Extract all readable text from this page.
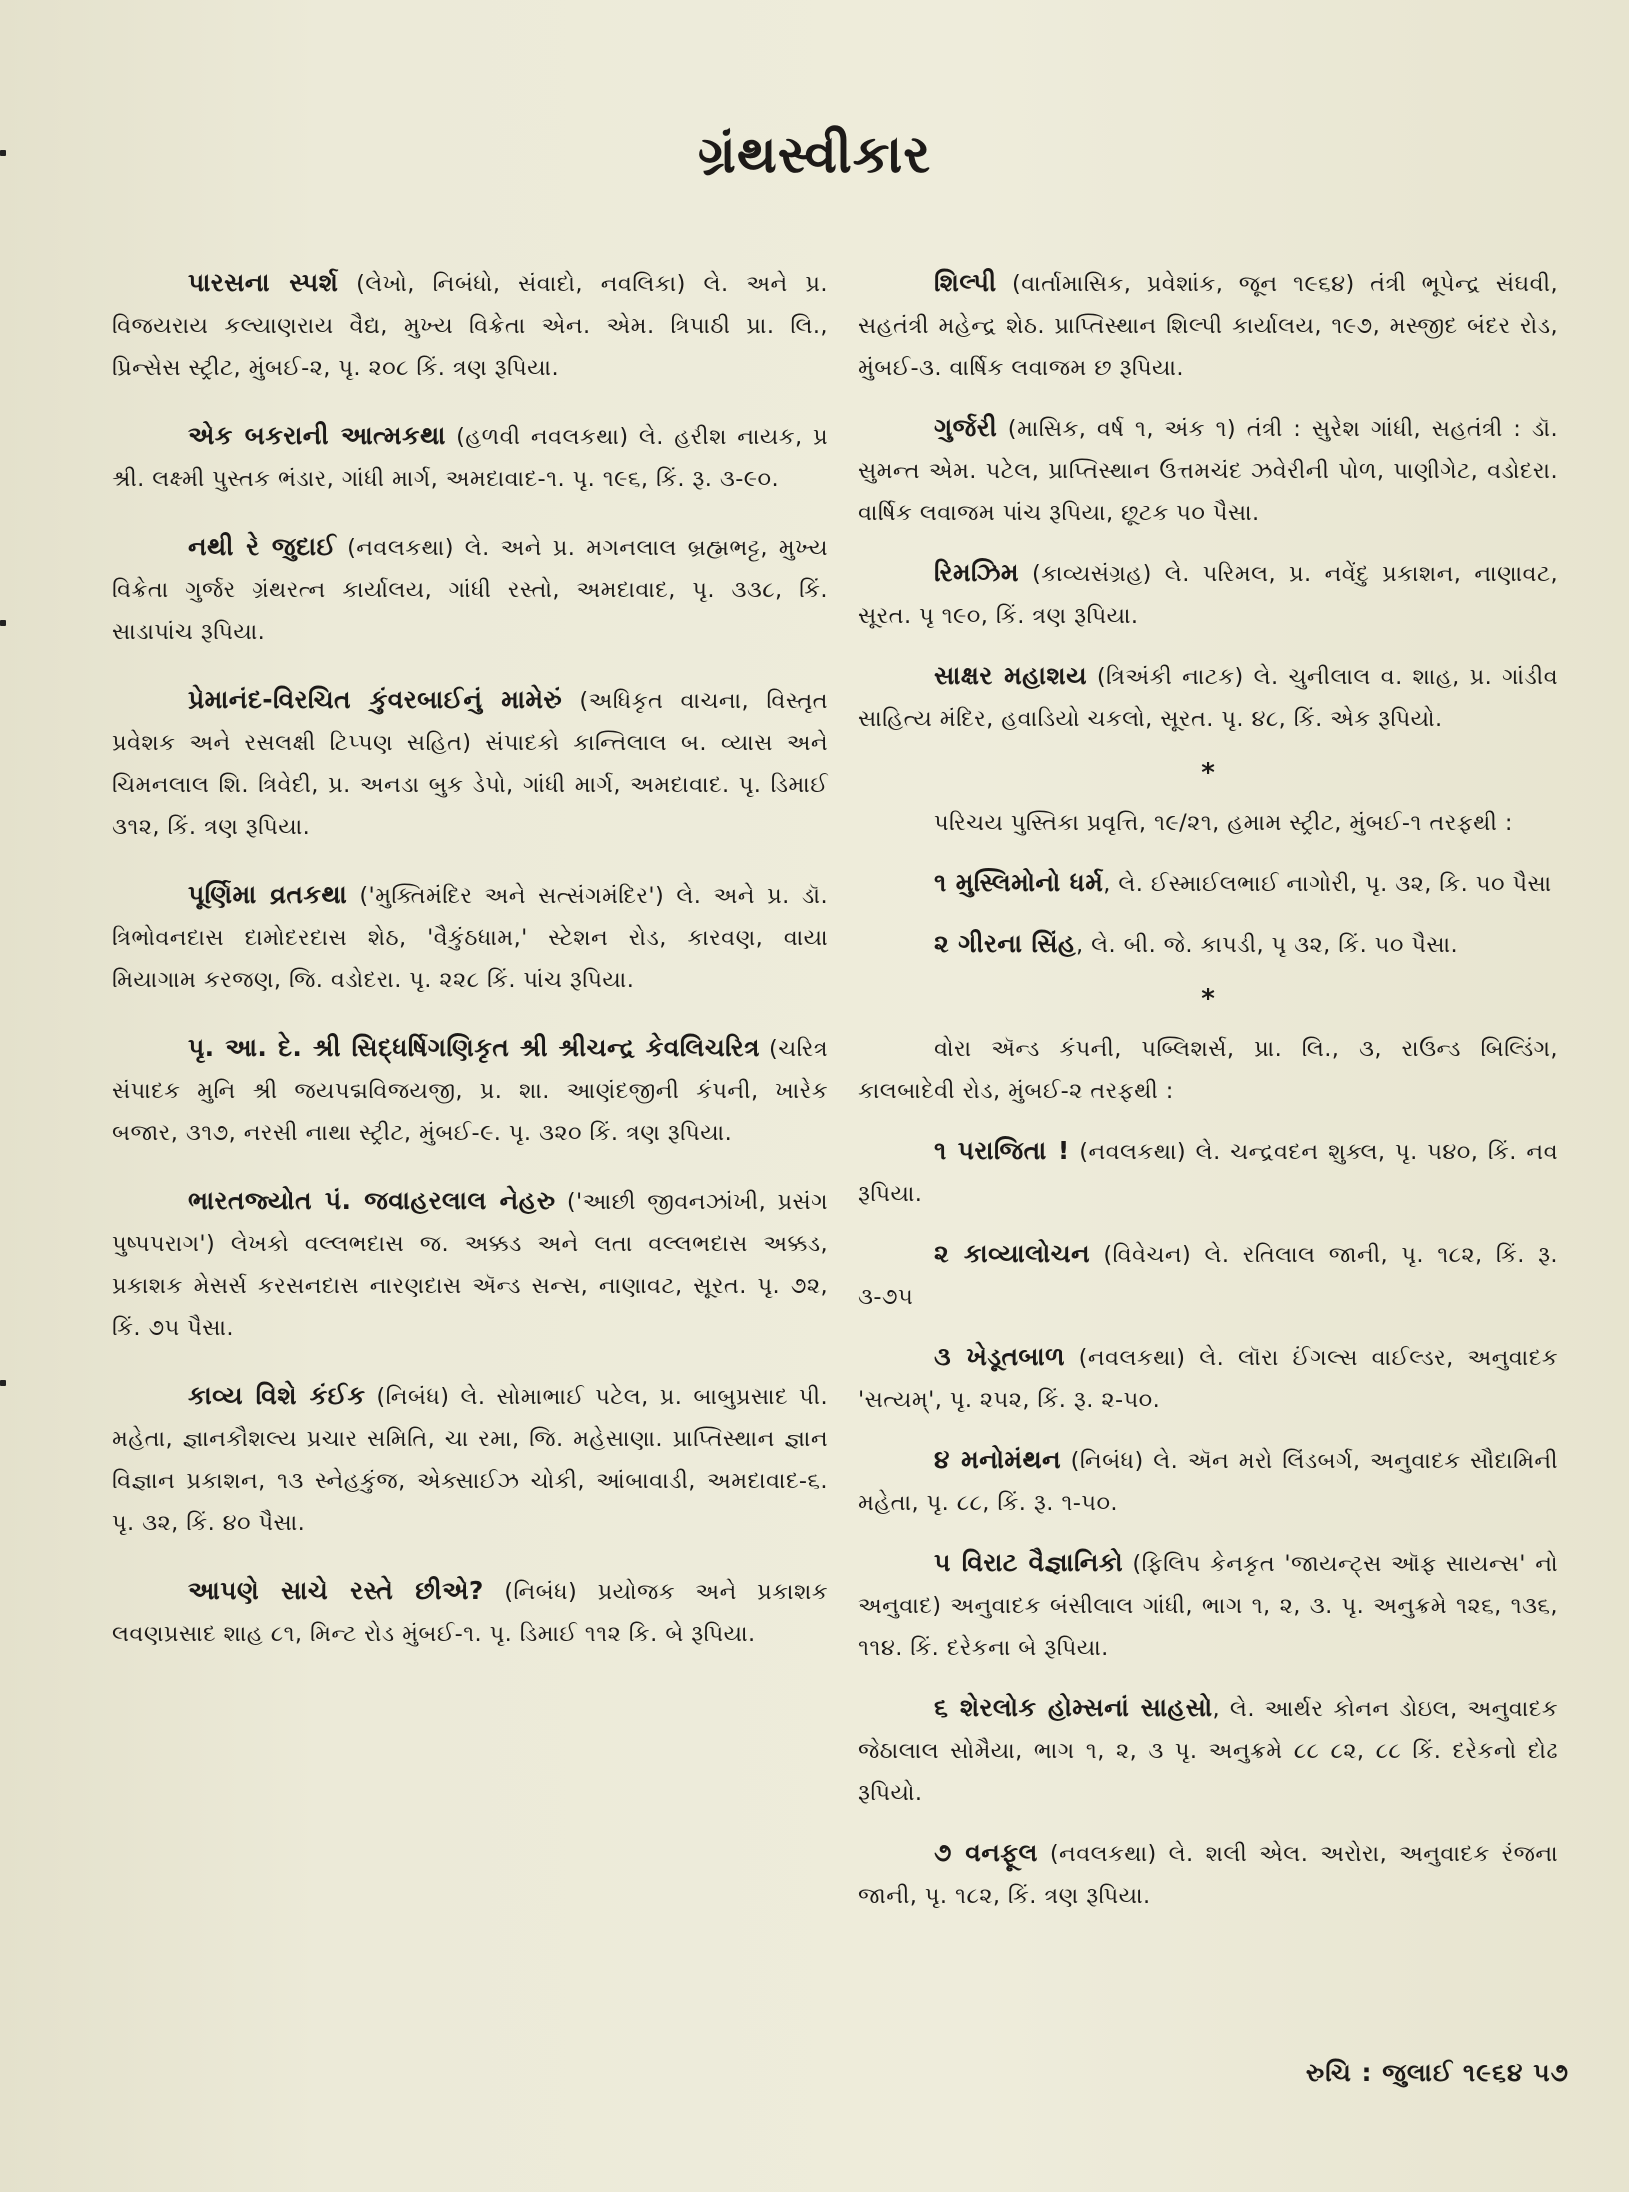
ગ્રંથસ્વીકાર

પારસના સ્પર્શ (લેખો, નિબંધો, સંવાદો, નવલિકા) લે. અને પ્ર. વિજયરાય કલ્યાણરાય વૈદ્ય, મુખ્ય વિક્રેતા એન. એમ. ત્રિપાઠી પ્રા. લિ., પ્રિન્સેસ સ્ટ્રીટ, મુંબઈ-૨, પૃ. ૨૦૮ કિં. ત્રણ રૂપિયા.

એક બકરાની આત્મકથા (હળવી નવલકથા) લે. હરીશ નાયક, પ્ર શ્રી. લક્ષ્મી પુસ્તક ભંડાર, ગાંધી માર્ગ, અમદાવાદ-૧. પૃ. ૧૯૬, કિં. રૂ. ૩-૯૦.

નથી રે જુદાઈ (નવલકથા) લે. અને પ્ર. મગનલાલ બ્રહ્મભટ્ટ, મુખ્ય વિક્રેતા ગુર્જર ગ્રંથરત્ન કાર્યાલય, ગાંધી રસ્તો, અમદાવાદ, પૃ. ૩૩૮, કિં. સાડાપાંચ રૂપિયા.

પ્રેમાનંદ-વિરચિત કુંવરબાઈનું મામેરું (અધિકૃત વાચના, વિસ્તૃત પ્રવેશક અને રસલક્ષી ટિપ્પણ સહિત) સંપાદકો કાન્તિલાલ બ. વ્યાસ અને ચિમનલાલ શિ. ત્રિવેદી, પ્ર. અનડા બુક ડેપો, ગાંધી માર્ગ, અમદાવાદ. પૃ. ડિમાઈ ૩૧૨, કિં. ત્રણ રૂપિયા.

પૂર્ણિમા વ્રતકથા ('મુક્તિમંદિર અને સત્સંગમંદિર') લે. અને પ્ર. ડૉ. ત્રિભોવનદાસ દામોદરદાસ શેઠ, 'વૈકુંઠધામ,' સ્ટેશન રોડ, કારવણ, વાયા મિયાગામ કરજણ, જિ. વડોદરા. પૃ. ૨૨૮ કિં. પાંચ રૂપિયા.

પૃ. આ. દે. શ્રી સિદ્ધર્ષિગણિકૃત શ્રી શ્રીચન્દ્ર કેવલિચરિત્ર (ચરિત્ર સંપાદક મુનિ શ્રી જયપદ્મવિજયજી, પ્ર. શા. આણંદજીની કંપની, ખારેક બજાર, ૩૧૭, નરસી નાથા સ્ટ્રીટ, મુંબઈ-૯. પૃ. ૩૨૦ કિં. ત્રણ રૂપિયા.

ભારતજ્યોત પં. જવાહરલાલ નેહરુ ('આછી જીવનઝાંખી, પ્રસંગ પુષ્પપરાગ') લેખકો વલ્લભદાસ જ. અક્કડ અને લતા વલ્લભદાસ અક્કડ, પ્રકાશક મેસર્સ કરસનદાસ નારણદાસ ઍન્ડ સન્સ, નાણાવટ, સૂરત. પૃ. ૭૨, કિં. ૭૫ પૈસા.

કાવ્ય વિશે કંઈક (નિબંધ) લે. સોમાભાઈ પટેલ, પ્ર. બાબુપ્રસાદ પી. મહેતા, જ્ઞાનકૌશલ્ય પ્રચાર સમિતિ, ચા રમા, જિ. મહેસાણા. પ્રાપ્તિસ્થાન જ્ઞાન વિજ્ઞાન પ્રકાશન, ૧૩ સ્નેહકુંજ, એક્સાઈઝ ચોકી, આંબાવાડી, અમદાવાદ-૬. પૃ. ૩૨, કિં. ૪૦ પૈસા.

આપણે સાચે રસ્તે છીએ? (નિબંધ) પ્રયોજક અને પ્રકાશક લવણપ્રસાદ શાહ ૮૧, મિન્ટ રોડ મુંબઈ-૧. પૃ. ડિમાઈ ૧૧૨ કિ. બે રૂપિયા.

શિલ્પી (વાર્તામાસિક, પ્રવેશાંક, જૂન ૧૯૬૪) તંત્રી ભૂપેન્દ્ર સંઘવી, સહતંત્રી મહેન્દ્ર શેઠ. પ્રાપ્તિસ્થાન શિલ્પી કાર્યાલય, ૧૯૭, મસ્જીદ બંદર રોડ, મુંબઈ-૩. વાર્ષિક લવાજમ છ રૂપિયા.

ગુર્જરી (માસિક, વર્ષ ૧, અંક ૧) તંત્રી : સુરેશ ગાંધી, સહતંત્રી : ડૉ. સુમન્ત એમ. પટેલ, પ્રાપ્તિસ્થાન ઉત્તમચંદ ઝવેરીની પોળ, પાણીગેટ, વડોદરા. વાર્ષિક લવાજમ પાંચ રૂપિયા, છૂટક ૫૦ પૈસા.

રિમઝિમ (કાવ્યસંગ્રહ) લે. પરિમલ, પ્ર. નવેંદુ પ્રકાશન, નાણાવટ, સૂરત. પૃ ૧૯૦, કિં. ત્રણ રૂપિયા.

સાક્ષર મહાશય (ત્રિઅંકી નાટક) લે. ચુનીલાલ વ. શાહ, પ્ર. ગાંડીવ સાહિત્ય મંદિર, હવાડિયો ચકલો, સૂરત. પૃ. ૪૮, કિં. એક રૂપિયો.

*

પરિચય પુસ્તિકા પ્રવૃત્તિ, ૧૯/૨૧, હમામ સ્ટ્રીટ, મુંબઈ-૧ તરફથી :

૧ મુસ્લિમોનો ધર્મ, લે. ઈસ્માઈલભાઈ નાગોરી, પૃ. ૩૨, કિ. ૫૦ પૈસા

૨ ગીરના સિંહ, લે. બી. જે. કાપડી, પૃ ૩૨, કિં. ૫૦ પૈસા.

*

વોરા ઍન્ડ કંપની, પબ્લિશર્સ, પ્રા. લિ., ૩, રાઉન્ડ બિલ્ડિંગ, કાલબાદેવી રોડ, મુંબઈ-૨ તરફથી :

૧ પરાજિતા ! (નવલકથા) લે. ચન્દ્રવદન શુક્લ, પૃ. ૫૪૦, કિં. નવ રૂપિયા.

૨ કાવ્યાલોચન (વિવેચન) લે. રતિલાલ જાની, પૃ. ૧૮૨, કિં. રૂ. ૩-૭૫

૩ ખેડૂતબાળ (નવલકથા) લે. લૉરા ઈંગલ્સ વાઈલ્ડર, અનુવાદક 'સત્યમ્', પૃ. ૨૫૨, કિં. રૂ. ૨-૫૦.

૪ મનોમંથન (નિબંધ) લે. ઍન મરો લિંડબર્ગ, અનુવાદક સૌદામિની મહેતા, પૃ. ૮૮, કિં. રૂ. ૧-૫૦.

૫ વિરાટ વૈજ્ઞાનિકો (ફિલિપ કેનકૃત 'જાયન્ટ્સ ઑફ સાયન્સ' નો અનુવાદ) અનુવાદક બંસીલાલ ગાંધી, ભાગ ૧, ૨, ૩. પૃ. અનુક્રમે ૧૨૬, ૧૩૬, ૧૧૪. કિં. દરેકના બે રૂપિયા.

૬ શેરલોક હોમ્સનાં સાહસો, લે. આર્થર કોનન ડોઇલ, અનુવાદક જેઠાલાલ સોમૈયા, ભાગ ૧, ૨, ૩ પૃ. અનુક્રમે ૮૮ ૮૨, ૮૮ કિં. દરેકનો દોઢ રૂપિયો.

૭ વનફૂલ (નવલકથા) લે. શલી એલ. અરોરા, અનુવાદક રંજના જાની, પૃ. ૧૮૨, કિં. ત્રણ રૂપિયા.

રુચિ : જુલાઈ ૧૯૬૪ ૫૭
